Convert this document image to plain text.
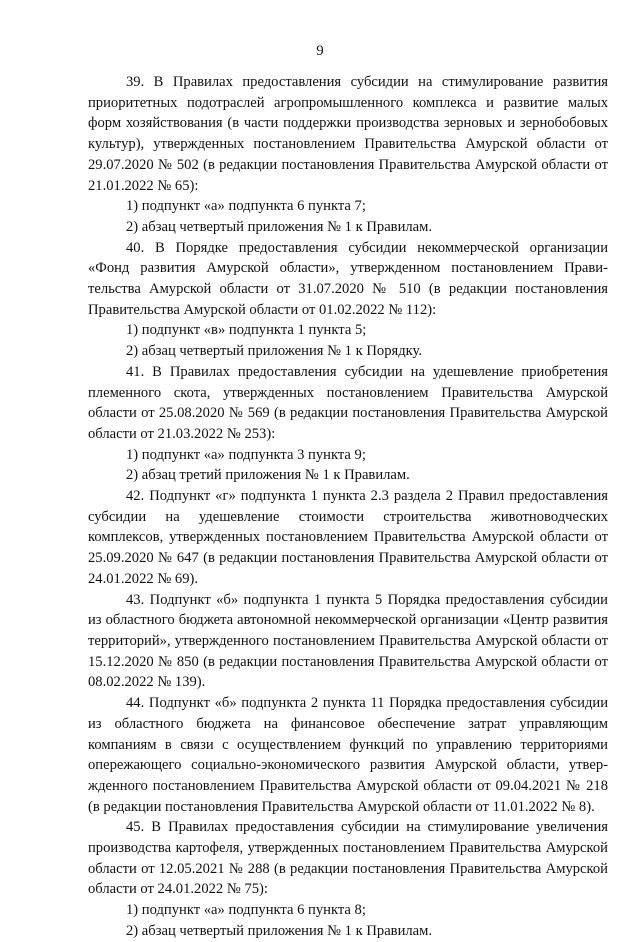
9

39. В Правилах предоставления субсидии на стимулирование развития приоритетных подотраслей агропромышленного комплекса и развитие малых форм хозяйствования (в части поддержки производства зерновых и зернобобовых культур), утвержденных постановлением Правительства Амурской области от 29.07.2020 № 502 (в редакции постановления Правительства Амурской области от 21.01.2022 № 65):

1) подпункт «а» подпункта 6 пункта 7;

2) абзац четвертый приложения № 1 к Правилам.

40. В Порядке предоставления субсидии некоммерческой организации «Фонд развития Амурской области», утвержденном постановлением Правительства Амурской области от 31.07.2020 № 510 (в редакции постановления Правительства Амурской области от 01.02.2022 № 112):

1) подпункт «в» подпункта 1 пункта 5;

2) абзац четвертый приложения № 1 к Порядку.

41. В Правилах предоставления субсидии на удешевление приобретения племенного скота, утвержденных постановлением Правительства Амурской области от 25.08.2020 № 569 (в редакции постановления Правительства Амурской области от 21.03.2022 № 253):

1) подпункт «а» подпункта 3 пункта 9;

2) абзац третий приложения № 1 к Правилам.

42. Подпункт «г» подпункта 1 пункта 2.3 раздела 2 Правил предоставления субсидии на удешевление стоимости строительства животноводческих комплексов, утвержденных постановлением Правительства Амурской области от 25.09.2020 № 647 (в редакции постановления Правительства Амурской области от 24.01.2022 № 69).

43. Подпункт «б» подпункта 1 пункта 5 Порядка предоставления субсидии из областного бюджета автономной некоммерческой организации «Центр развития территорий», утвержденного постановлением Правительства Амурской области от 15.12.2020 № 850 (в редакции постановления Правительства Амурской области от 08.02.2022 № 139).

44. Подпункт «б» подпункта 2 пункта 11 Порядка предоставления субсидии из областного бюджета на финансовое обеспечение затрат управляющим компаниям в связи с осуществлением функций по управлению территориями опережающего социально-экономического развития Амурской области, утвержденного постановлением Правительства Амурской области от 09.04.2021 № 218 (в редакции постановления Правительства Амурской области от 11.01.2022 № 8).

45. В Правилах предоставления субсидии на стимулирование увеличения производства картофеля, утвержденных постановлением Правительства Амурской области от 12.05.2021 № 288 (в редакции постановления Правительства Амурской области от 24.01.2022 № 75):

1) подпункт «а» подпункта 6 пункта 8;

2) абзац четвертый приложения № 1 к Правилам.
